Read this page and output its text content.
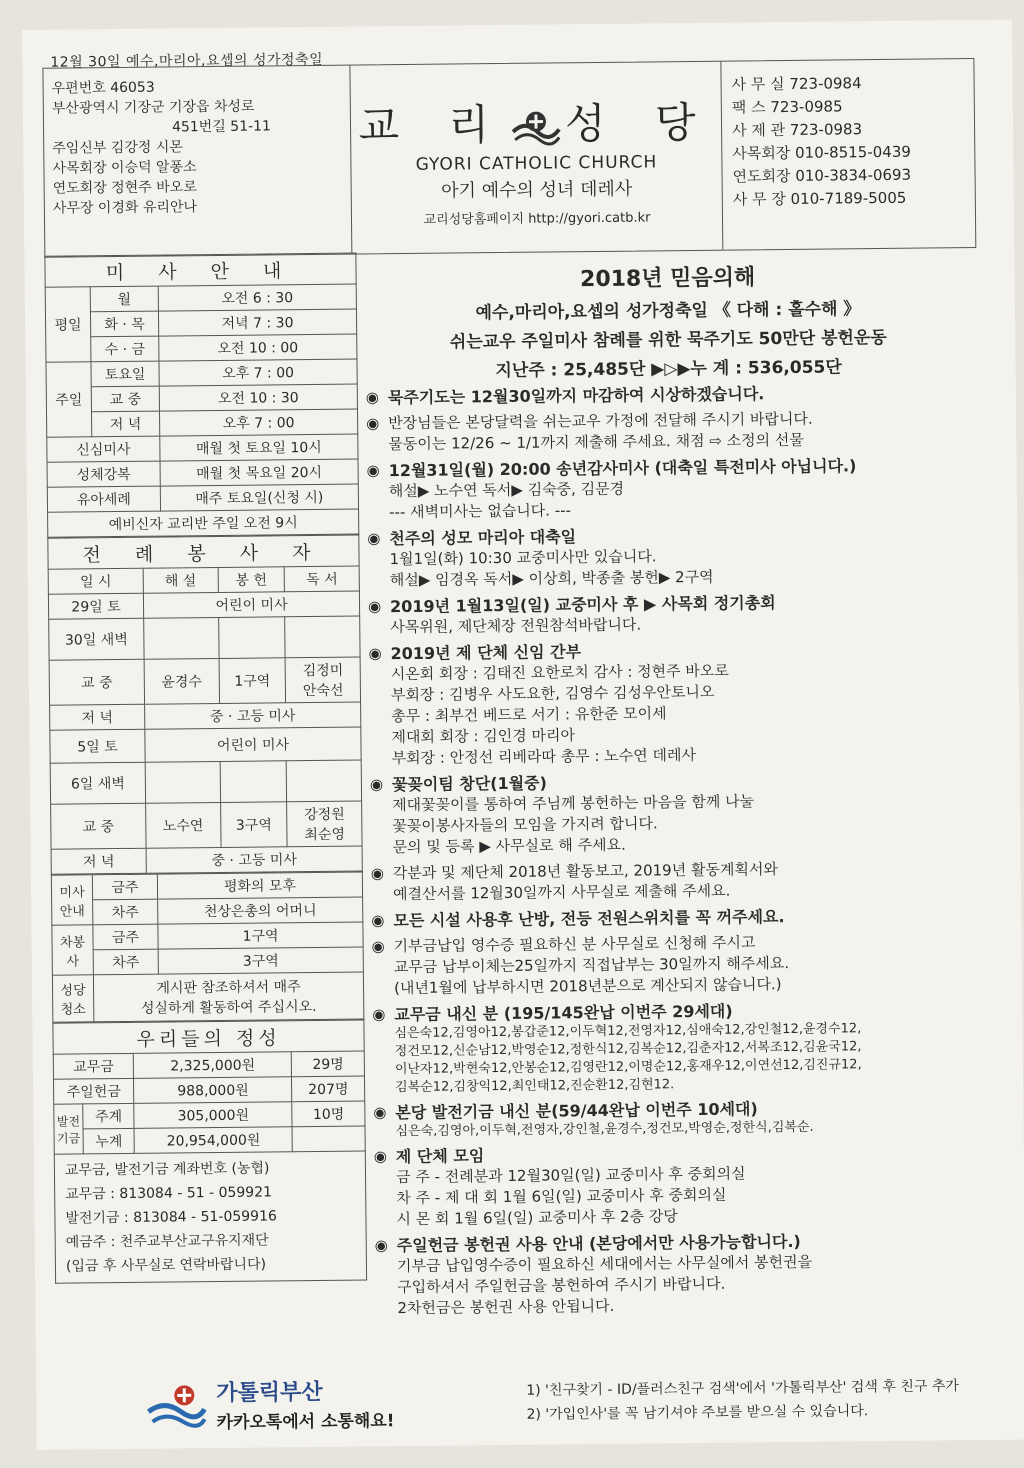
12월 30일 예수,마리아,요셉의 성가정축일
우편번호 46053
부산광역시 기장군 기장읍 차성로
451번길 51-11
주임신부 김강정 시몬
사목회장 이승덕 알퐁소
연도회장 정현주 바오로
사무장 이경화 유리안나
교 리 성 당
GYORI CATHOLIC CHURCH
아기 예수의 성녀 데레사
교리성당홈페이지 http://gyori.catb.kr
사 무 실 723-0984
팩 스 723-0985
사 제 관 723-0983
사목회장 010-8515-0439
연도회장 010-3834-0693
사 무 장 010-7189-5005
미 사 안 내		
평일	월	오전 6 : 30
	화 · 목	저녁 7 : 30
	수 · 금	오전 10 : 00
주일	토요일	오후 7 : 00
	교 중	오전 10 : 30
	저 녁	오후 7 : 00
신심미사		매월 첫 토요일 10시
성체강복		매월 첫 목요일 20시
유아세례		매주 토요일(신청 시)
예비신자 교리반 주일 오전 9시		
전 례 봉 사 자			
일 시	해 설	봉 헌	독 서
29일 토	어린이 미사		
30일 새벽			
교 중	윤경수	1구역	김정미
안숙선
저 녁	중 · 고등 미사		
5일 토	어린이 미사		
6일 새벽			
교 중	노수연	3구역	강정원
최순영
저 녁	중 · 고등 미사		
미사안내	금주	평화의 모후
	차주	천상은총의 어머니
차봉사	금주	1구역
	차주	3구역
성당청소	게시판 참조하셔서 매주
성실하게 활동하여 주십시오.	
우리들의 정성			
교무금		2,325,000원	29명
주일헌금		988,000원	207명
발전기금	주계	305,000원	10명
	누계	20,954,000원	

교무금, 발전기금 계좌번호 (농협)
교무금 : 813084 - 51 - 059921
발전기금 : 813084 - 51-059916
예금주 : 천주교부산교구유지재단
(입금 후 사무실로 연락바랍니다)			
2018년 믿음의해
예수,마리아,요셉의 성가정축일 《 다해 : 홀수해 》
쉬는교우 주일미사 참례를 위한 묵주기도 50만단 봉헌운동
지난주 : 25,485단 ▶▷▶누 계 : 536,055단
◉ 묵주기도는 12월30일까지 마감하여 시상하겠습니다.
◉ 반장님들은 본당달력을 쉬는교우 가정에 전달해 주시기 바랍니다.
물동이는 12/26 ~ 1/1까지 제출해 주세요. 채점 ⇨ 소정의 선물
◉ 12월31일(월) 20:00 송년감사미사 (대축일 특전미사 아닙니다.)
해설▶ 노수연 독서▶ 김숙중, 김문경
--- 새벽미사는 없습니다. ---
◉ 천주의 성모 마리아 대축일
1월1일(화) 10:30 교중미사만 있습니다.
해설▶ 임경옥 독서▶ 이상희, 박종출 봉헌▶ 2구역
◉ 2019년 1월13일(일) 교중미사 후 ▶ 사목회 정기총회
사목위원, 제단체장 전원참석바랍니다.
◉ 2019년 제 단체 신임 간부
시온회 회장 : 김태진 요한로치 감사 : 정현주 바오로
부회장 : 김병우 사도요한, 김영수 김성우안토니오
총무 : 최부건 베드로 서기 : 유한준 모이세
제대회 회장 : 김인경 마리아
부회장 : 안정선 리베라따 총무 : 노수연 데레사
◉ 꽃꽂이팀 창단(1월중)
제대꽃꽂이를 통하여 주님께 봉헌하는 마음을 함께 나눌
꽃꽂이봉사자들의 모임을 가지려 합니다.
문의 및 등록 ▶ 사무실로 해 주세요.
◉ 각분과 및 제단체 2018년 활동보고, 2019년 활동계획서와
예결산서를 12월30일까지 사무실로 제출해 주세요.
◉ 모든 시설 사용후 난방, 전등 전원스위치를 꼭 꺼주세요.
◉ 기부금납입 영수증 필요하신 분 사무실로 신청해 주시고
교무금 납부이체는25일까지 직접납부는 30일까지 해주세요.
(내년1월에 납부하시면 2018년분으로 계산되지 않습니다.)
◉ 교무금 내신 분 (195/145완납 이번주 29세대)
심은숙12,김영아12,봉갑준12,이두혁12,전영자12,심애숙12,강인철12,윤경수12,
정건모12,신순남12,박영순12,정한식12,김복순12,김춘자12,서복조12,김윤국12,
이난자12,박현숙12,안봉순12,김영란12,이명순12,홍재우12,이연선12,김진규12,
김복순12,김창익12,최인태12,진순환12,김현12.
◉ 본당 발전기금 내신 분(59/44완납 이번주 10세대)
심은숙,김영아,이두혁,전영자,강인철,윤경수,정건모,박영순,정한식,김복순.
◉ 제 단체 모임
금 주 - 전례분과 12월30일(일) 교중미사 후 중회의실
차 주 - 제 대 회 1월 6일(일) 교중미사 후 중회의실
시 몬 회 1월 6일(일) 교중미사 후 2층 강당
◉ 주일헌금 봉헌권 사용 안내 (본당에서만 사용가능합니다.)
기부금 납입영수증이 필요하신 세대에서는 사무실에서 봉헌권을
구입하셔서 주일헌금을 봉헌하여 주시기 바랍니다.
2차헌금은 봉헌권 사용 안됩니다.
가톨릭부산
카카오톡에서 소통해요!
1) '친구찾기 - ID/플러스친구 검색'에서 '가톨릭부산' 검색 후 친구 추가
2) '가입인사'를 꼭 남기셔야 주보를 받으실 수 있습니다.
